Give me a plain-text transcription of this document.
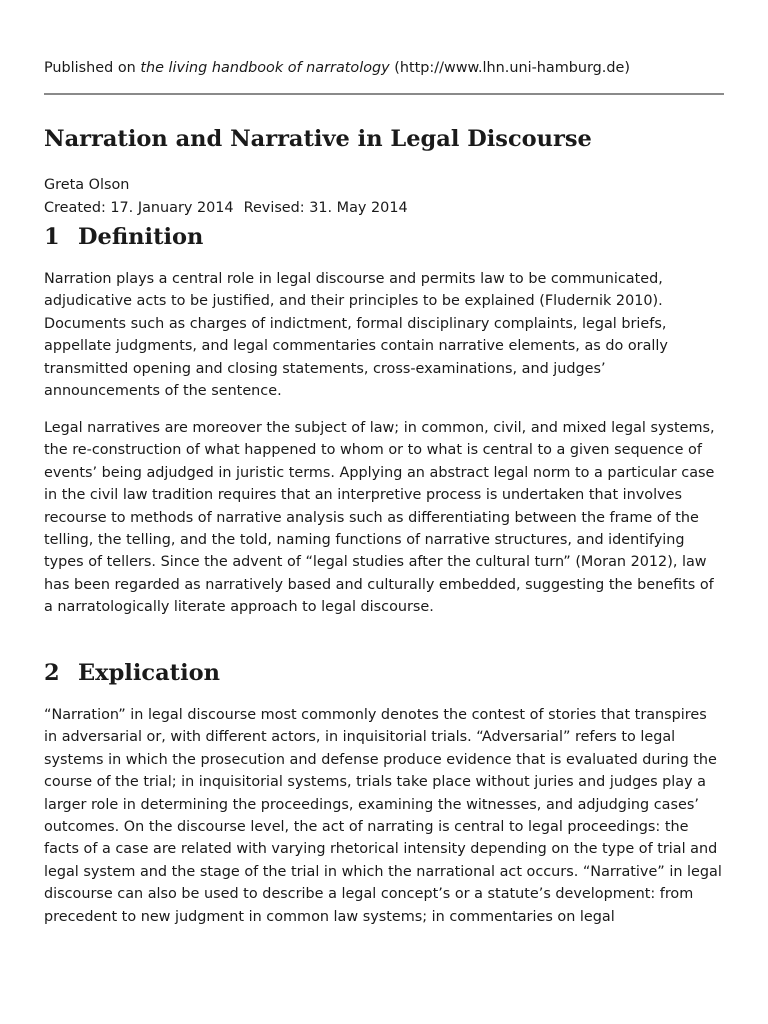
Published on the living handbook of narratology (http://www.lhn.uni-hamburg.de)
Narration and Narrative in Legal Discourse
Greta Olson
Created: 17. January 2014 Revised: 31. May 2014
1 Definition

Narration plays a central role in legal discourse and permits law to be communicated, adjudicative acts to be justified, and their principles to be explained (Fludernik 2010). Documents such as charges of indictment, formal disciplinary complaints, legal briefs, appellate judgments, and legal commentaries contain narrative elements, as do orally transmitted opening and closing statements, cross-examinations, and judges’ announcements of the sentence.

Legal narratives are moreover the subject of law; in common, civil, and mixed legal systems, the re-construction of what happened to whom or to what is central to a given sequence of events’ being adjudged in juristic terms. Applying an abstract legal norm to a particular case in the civil law tradition requires that an interpretive process is undertaken that involves recourse to methods of narrative analysis such as differentiating between the frame of the telling, the telling, and the told, naming functions of narrative structures, and identifying types of tellers. Since the advent of “legal studies after the cultural turn” (Moran 2012), law has been regarded as narratively based and culturally embedded, suggesting the benefits of a narratologically literate approach to legal discourse.

2 Explication

“Narration” in legal discourse most commonly denotes the contest of stories that transpires in adversarial or, with different actors, in inquisitorial trials. “Adversarial” refers to legal systems in which the prosecution and defense produce evidence that is evaluated during the course of the trial; in inquisitorial systems, trials take place without juries and judges play a larger role in determining the proceedings, examining the witnesses, and adjudging cases’ outcomes. On the discourse level, the act of narrating is central to legal proceedings: the facts of a case are related with varying rhetorical intensity depending on the type of trial and legal system and the stage of the trial in which the narrational act occurs. “Narrative” in legal discourse can also be used to describe a legal concept’s or a statute’s development: from precedent to new judgment in common law systems; in commentaries on legal
